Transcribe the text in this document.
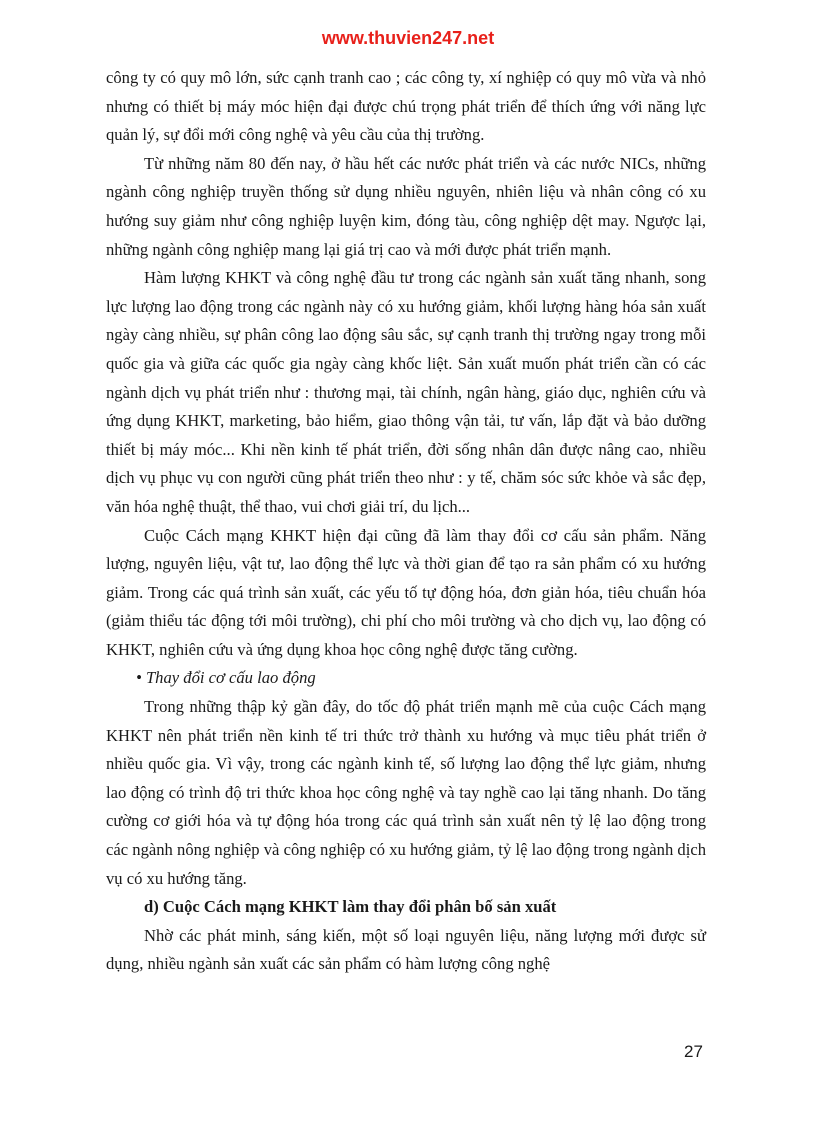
www.thuvien247.net

công ty có quy mô lớn, sức cạnh tranh cao ; các công ty, xí nghiệp có quy mô vừa và nhỏ nhưng có thiết bị máy móc hiện đại được chú trọng phát triển để thích ứng với năng lực quản lý, sự đổi mới công nghệ và yêu cầu của thị trường.

Từ những năm 80 đến nay, ở hầu hết các nước phát triển và các nước NICs, những ngành công nghiệp truyền thống sử dụng nhiều nguyên, nhiên liệu và nhân công có xu hướng suy giảm như công nghiệp luyện kim, đóng tàu, công nghiệp dệt may. Ngược lại, những ngành công nghiệp mang lại giá trị cao và mới được phát triển mạnh.

Hàm lượng KHKT và công nghệ đầu tư trong các ngành sản xuất tăng nhanh, song lực lượng lao động trong các ngành này có xu hướng giảm, khối lượng hàng hóa sản xuất ngày càng nhiều, sự phân công lao động sâu sắc, sự cạnh tranh thị trường ngay trong mỗi quốc gia và giữa các quốc gia ngày càng khốc liệt. Sản xuất muốn phát triển cần có các ngành dịch vụ phát triển như : thương mại, tài chính, ngân hàng, giáo dục, nghiên cứu và ứng dụng KHKT, marketing, bảo hiểm, giao thông vận tải, tư vấn, lắp đặt và bảo dưỡng thiết bị máy móc... Khi nền kinh tế phát triển, đời sống nhân dân được nâng cao, nhiều dịch vụ phục vụ con người cũng phát triển theo như : y tế, chăm sóc sức khỏe và sắc đẹp, văn hóa nghệ thuật, thể thao, vui chơi giải trí, du lịch...

Cuộc Cách mạng KHKT hiện đại cũng đã làm thay đổi cơ cấu sản phẩm. Năng lượng, nguyên liệu, vật tư, lao động thể lực và thời gian để tạo ra sản phẩm có xu hướng giảm. Trong các quá trình sản xuất, các yếu tố tự động hóa, đơn giản hóa, tiêu chuẩn hóa (giảm thiểu tác động tới môi trường), chi phí cho môi trường và cho dịch vụ, lao động có KHKT, nghiên cứu và ứng dụng khoa học công nghệ được tăng cường.

• Thay đổi cơ cấu lao động

Trong những thập kỷ gần đây, do tốc độ phát triển mạnh mẽ của cuộc Cách mạng KHKT nên phát triển nền kinh tế tri thức trở thành xu hướng và mục tiêu phát triển ở nhiều quốc gia. Vì vậy, trong các ngành kinh tế, số lượng lao động thể lực giảm, nhưng lao động có trình độ tri thức khoa học công nghệ và tay nghề cao lại tăng nhanh. Do tăng cường cơ giới hóa và tự động hóa trong các quá trình sản xuất nên tỷ lệ lao động trong các ngành nông nghiệp và công nghiệp có xu hướng giảm, tỷ lệ lao động trong ngành dịch vụ có xu hướng tăng.

d) Cuộc Cách mạng KHKT làm thay đổi phân bố sản xuất

Nhờ các phát minh, sáng kiến, một số loại nguyên liệu, năng lượng mới được sử dụng, nhiều ngành sản xuất các sản phẩm có hàm lượng công nghệ

27
